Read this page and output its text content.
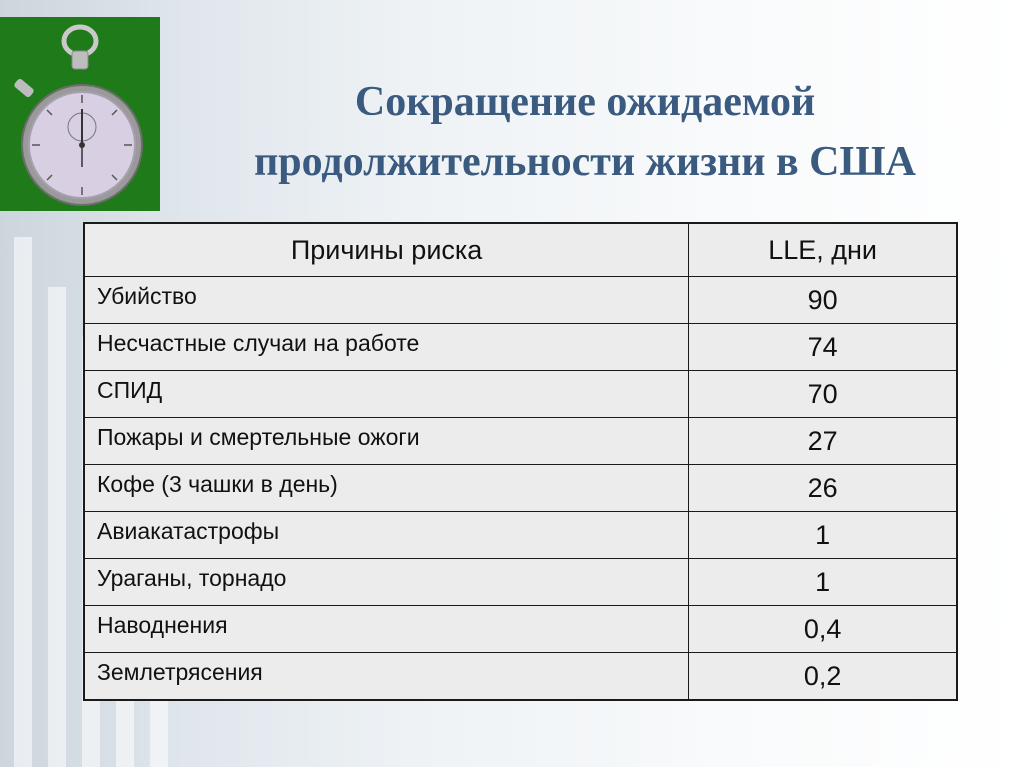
Сокращение ожидаемой
продолжительности жизни в США
Причины риска	LLE, дни
Убийство	90
Несчастные случаи на работе	74
СПИД	70
Пожары и смертельные ожоги	27
Кофе (3 чашки в день)	26
Авиакатастрофы	1
Ураганы, торнадо	1
Наводнения	0,4
Землетрясения	0,2
